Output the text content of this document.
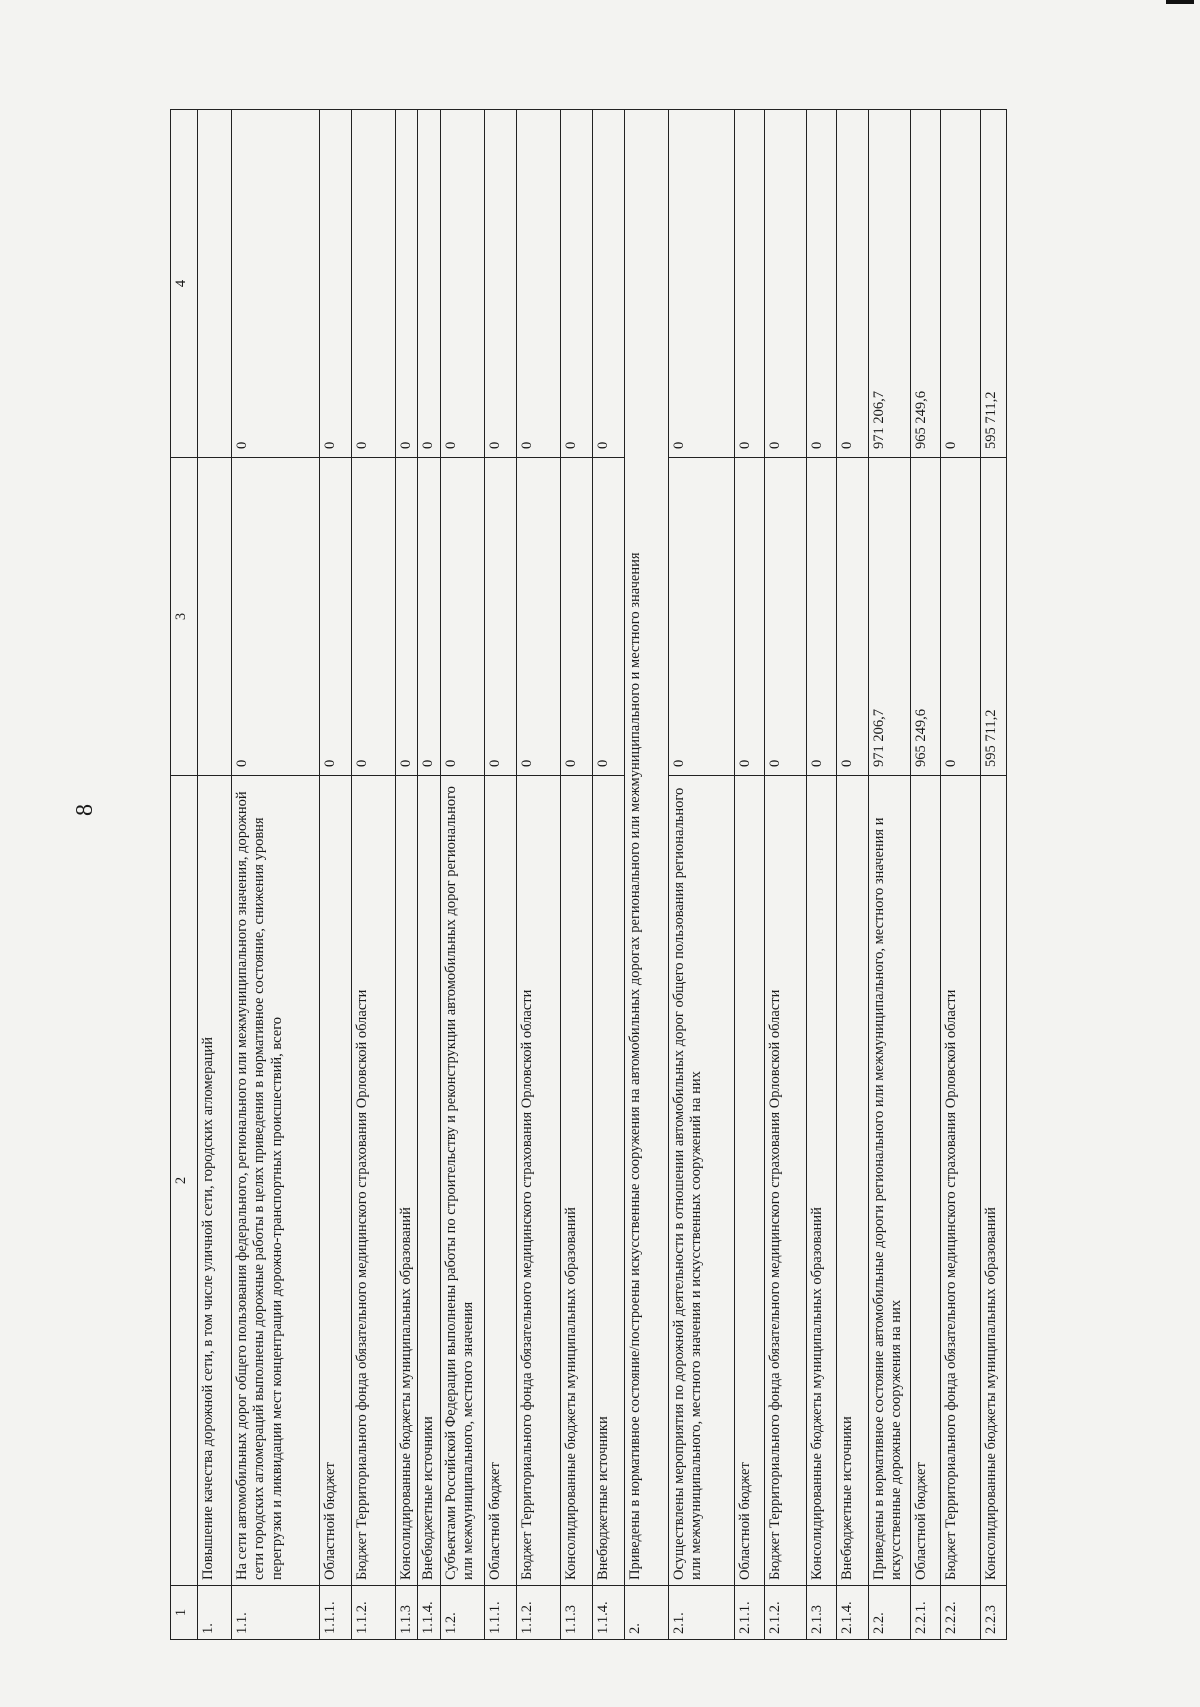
8
1	2	3	4
1.	Повышение качества дорожной сети, в том числе уличной сети, городских агломераций		
1.1.	На сети автомобильных дорог общего пользования федерального, регионального или межмуниципального значения, дорожной сети городских агломераций выполнены дорожные работы в целях приведения в нормативное состояние, снижения уровня перегрузки и ликвидации мест концентрации дорожно-транспортных происшествий, всего	0	0
1.1.1.	Областной бюджет	0	0
1.1.2.	Бюджет Территориального фонда обязательного медицинского страхования Орловской области	0	0
1.1.3	Консолидированные бюджеты муниципальных образований	0	0
1.1.4.	Внебюджетные источники	0	0
1.2.	Субъектами Российской Федерации выполнены работы по строительству и реконструкции автомобильных дорог регионального или межмуниципального, местного значения	0	0
1.1.1.	Областной бюджет	0	0
1.1.2.	Бюджет Территориального фонда обязательного медицинского страхования Орловской области	0	0
1.1.3	Консолидированные бюджеты муниципальных образований	0	0
1.1.4.	Внебюджетные источники	0	0
2.	Приведены в нормативное состояние/построены искусственные сооружения на автомобильных дорогах регионального или межмуниципального и местного значения		
2.1.	Осуществлены мероприятия по дорожной деятельности в отношении автомобильных дорог общего пользования регионального или межмуниципального, местного значения и искусственных сооружений на них	0	0
2.1.1.	Областной бюджет	0	0
2.1.2.	Бюджет Территориального фонда обязательного медицинского страхования Орловской области	0	0
2.1.3	Консолидированные бюджеты муниципальных образований	0	0
2.1.4.	Внебюджетные источники	0	0
2.2.	Приведены в нормативное состояние автомобильные дороги регионального или межмуниципального, местного значения и искусственные дорожные сооружения на них	971 206,7	971 206,7
2.2.1.	Областной бюджет	965 249,6	965 249,6
2.2.2.	Бюджет Территориального фонда обязательного медицинского страхования Орловской области	0	0
2.2.3	Консолидированные бюджеты муниципальных образований	595 711,2	595 711,2
